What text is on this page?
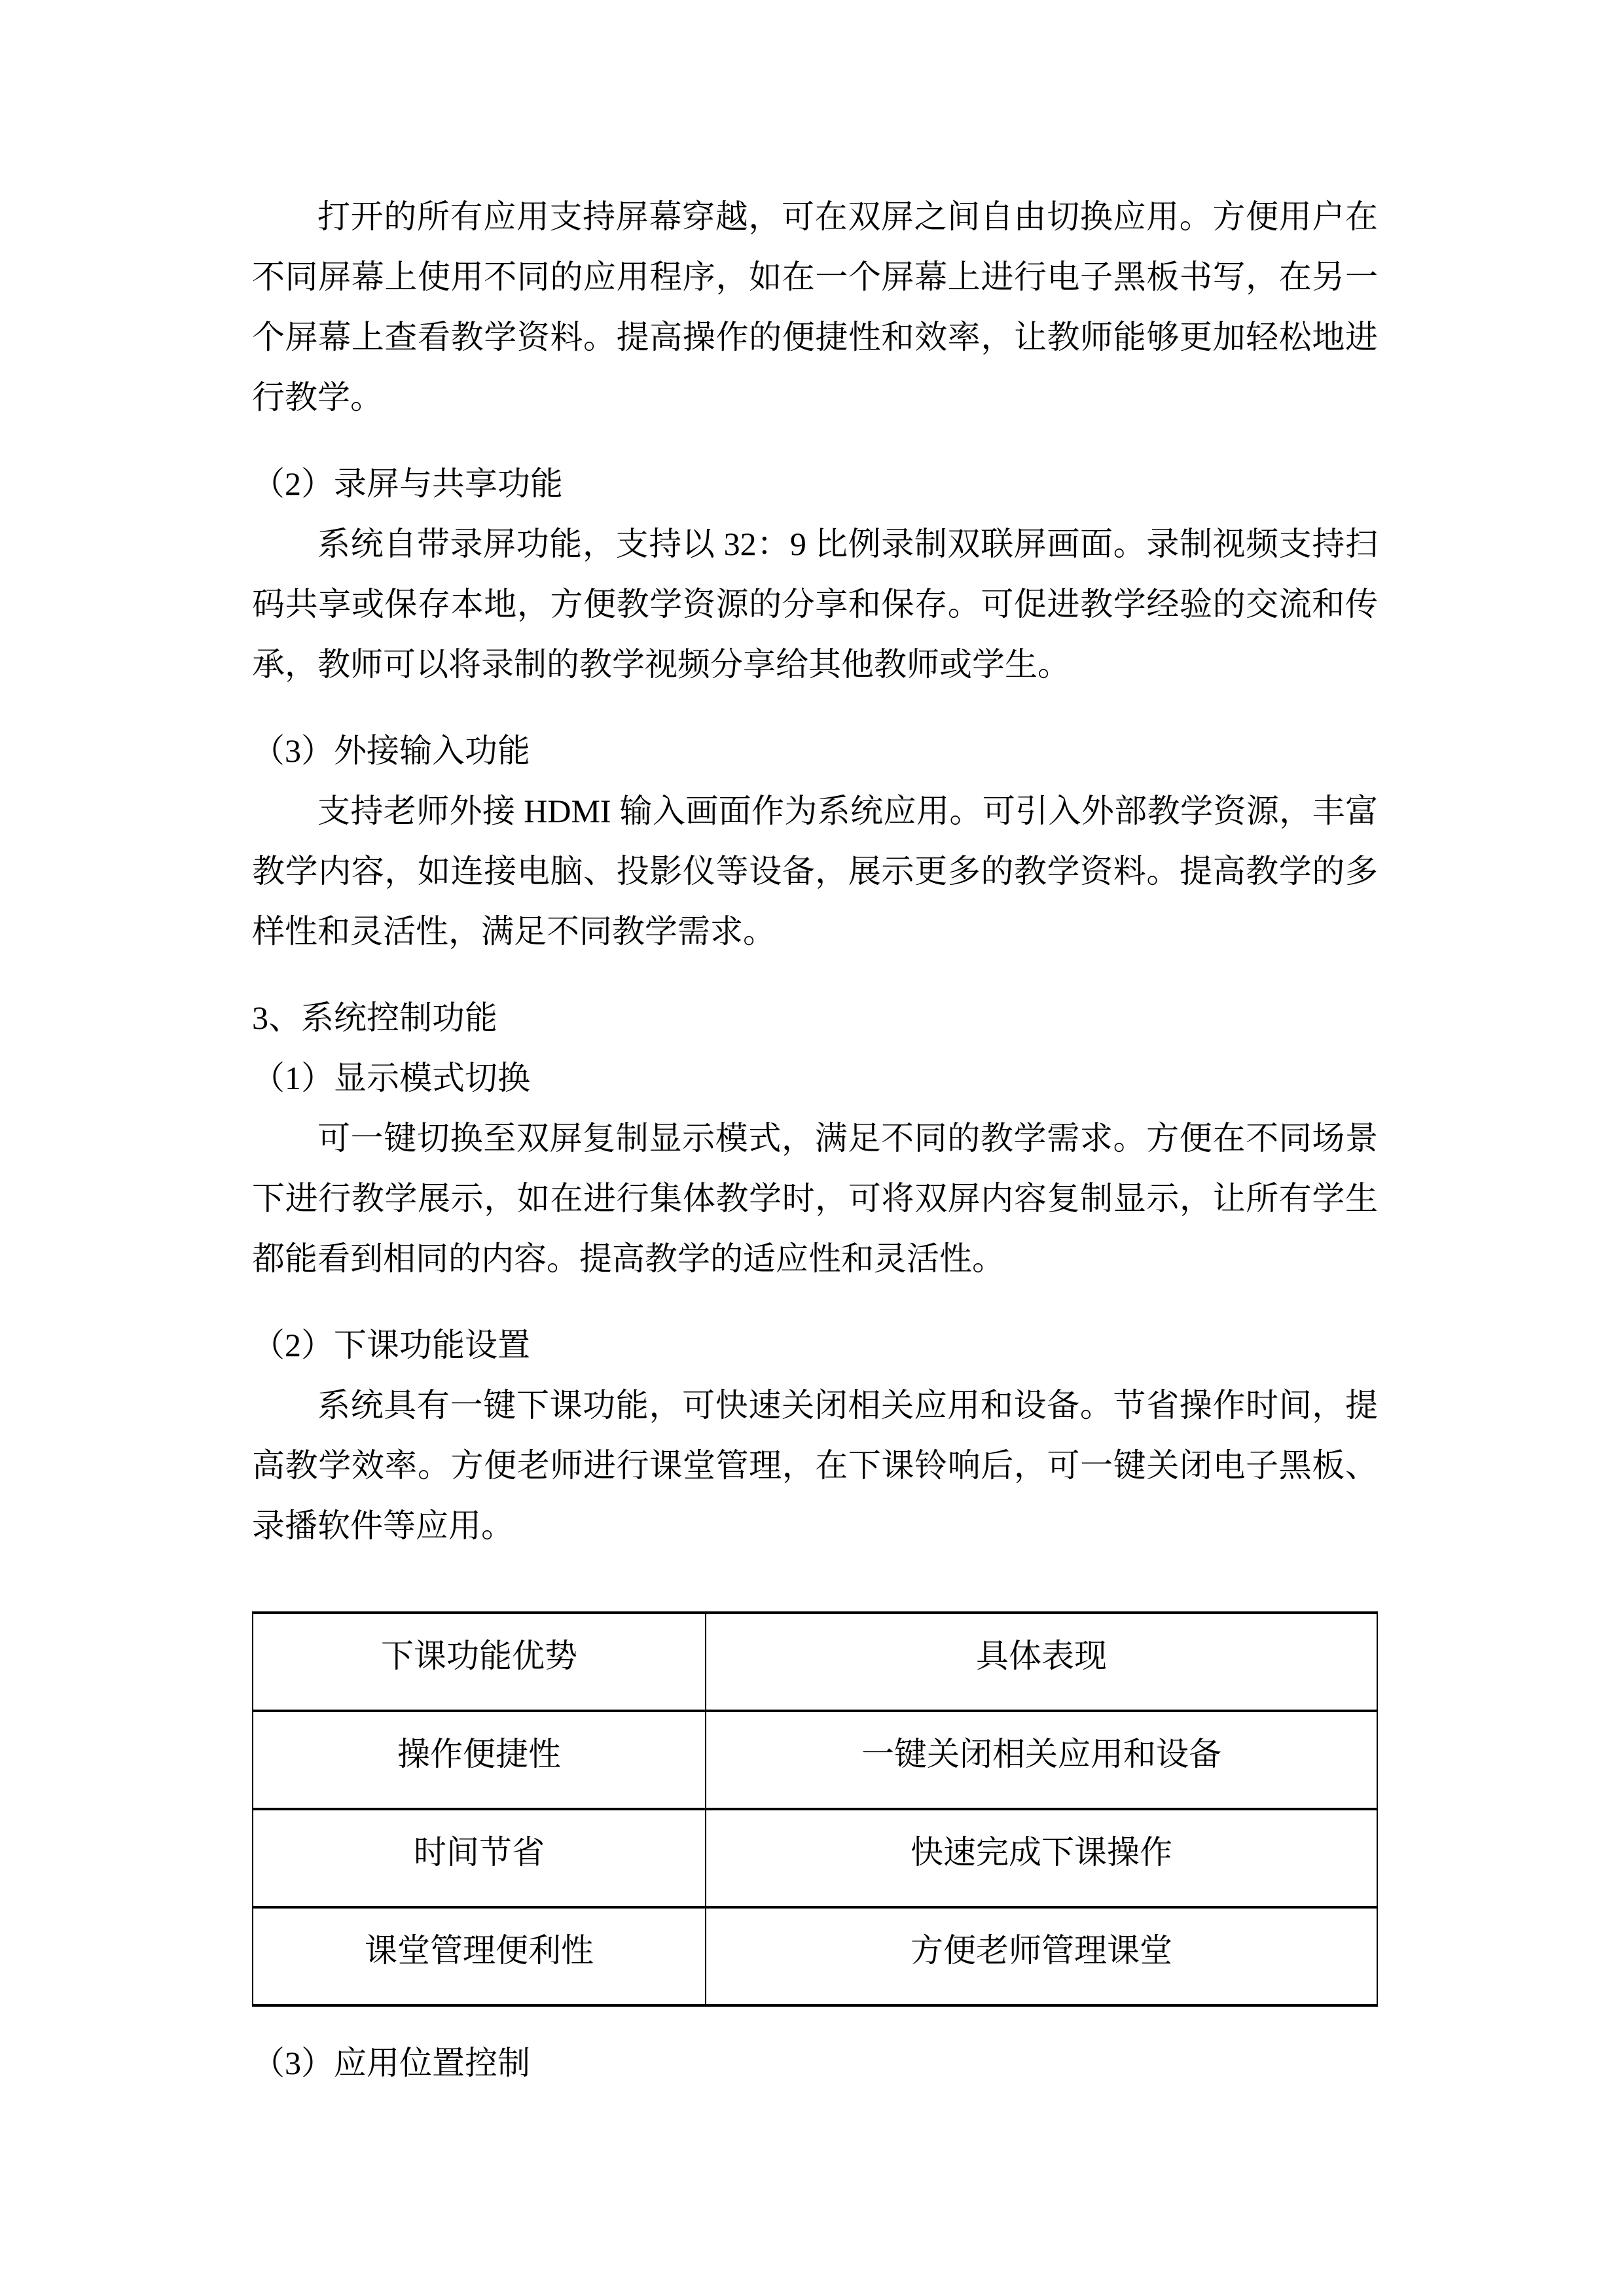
打开的所有应用支持屏幕穿越，可在双屏之间自由切换应用。方便用户在不同屏幕上使用不同的应用程序，如在一个屏幕上进行电子黑板书写，在另一个屏幕上查看教学资料。提高操作的便捷性和效率，让教师能够更加轻松地进行教学。

（2）录屏与共享功能

系统自带录屏功能，支持以 32：9 比例录制双联屏画面。录制视频支持扫码共享或保存本地，方便教学资源的分享和保存。可促进教学经验的交流和传承，教师可以将录制的教学视频分享给其他教师或学生。

（3）外接输入功能

支持老师外接 HDMI 输入画面作为系统应用。可引入外部教学资源，丰富教学内容，如连接电脑、投影仪等设备，展示更多的教学资料。提高教学的多样性和灵活性，满足不同教学需求。

3、系统控制功能
（1）显示模式切换

可一键切换至双屏复制显示模式，满足不同的教学需求。方便在不同场景下进行教学展示，如在进行集体教学时，可将双屏内容复制显示，让所有学生都能看到相同的内容。提高教学的适应性和灵活性。

（2）下课功能设置

系统具有一键下课功能，可快速关闭相关应用和设备。节省操作时间，提高教学效率。方便老师进行课堂管理，在下课铃响后，可一键关闭电子黑板、录播软件等应用。

下课功能优势	具体表现
操作便捷性	一键关闭相关应用和设备
时间节省	快速完成下课操作
课堂管理便利性	方便老师管理课堂
（3）应用位置控制
